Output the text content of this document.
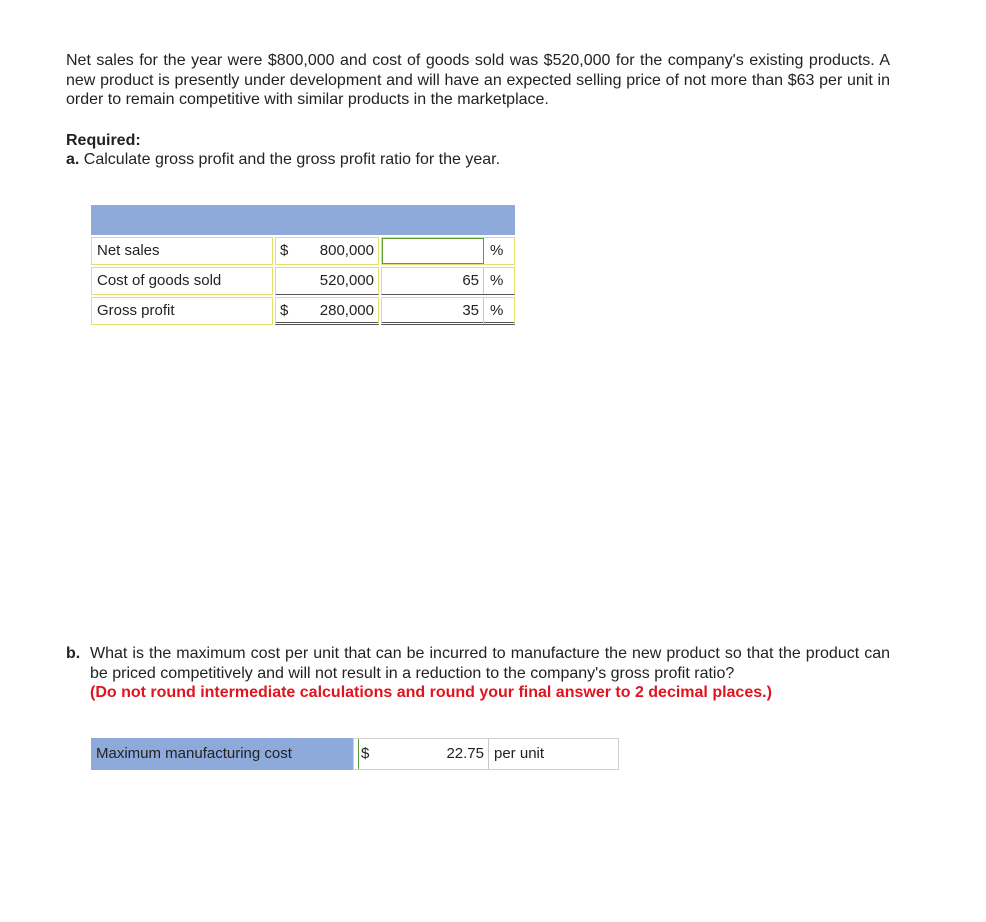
Net sales for the year were $800,000 and cost of goods sold was $520,000 for the company's existing products. A new product is presently under development and will have an expected selling price of not more than $63 per unit in order to remain competitive with similar products in the marketplace.
Required:
a. Calculate gross profit and the gross profit ratio for the year.
Net sales	$ 800,000	%
Cost of goods sold	520,000	65 %
Gross profit	$ 280,000	35 %
b. What is the maximum cost per unit that can be incurred to manufacture the new product so that the product can be priced competitively and will not result in a reduction to the company's gross profit ratio?
(Do not round intermediate calculations and round your final answer to 2 decimal places.)
Maximum manufacturing cost	$	22.75 per unit
